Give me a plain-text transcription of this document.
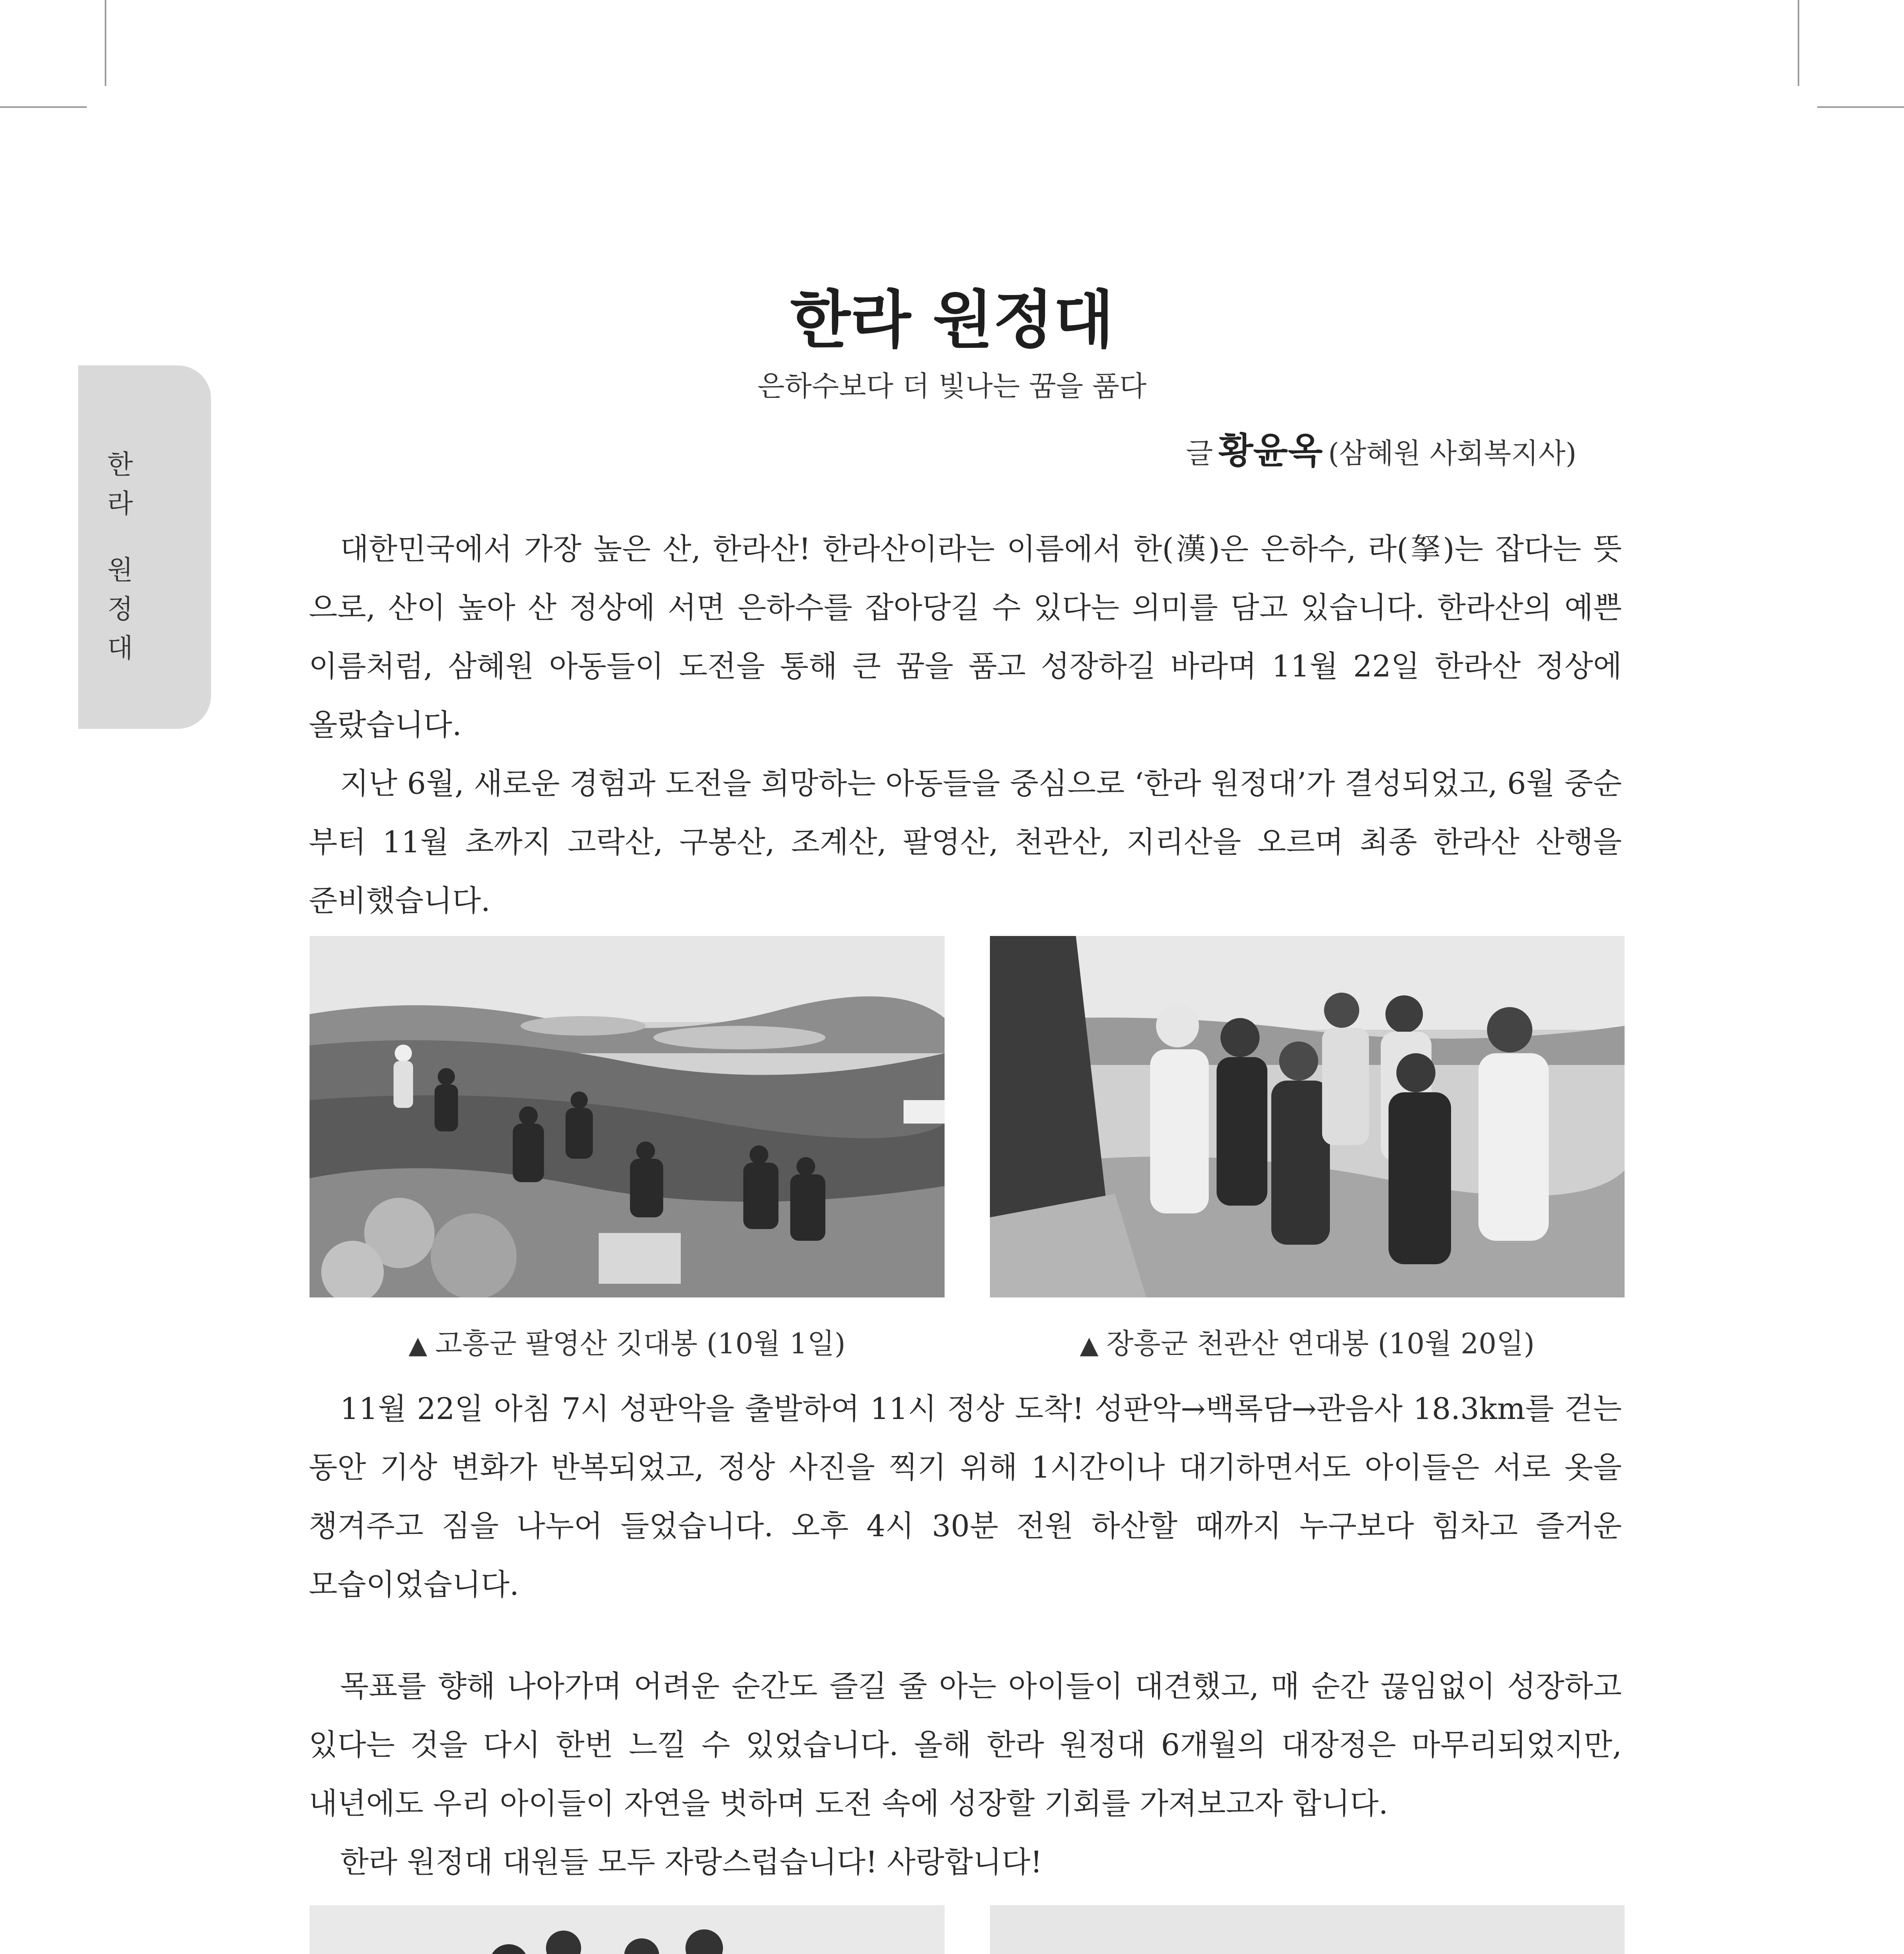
한
라
원
정
대
한라 원정대
은하수보다 더 빛나는 꿈을 품다
글 황윤옥 (삼혜원 사회복지사)
대한민국에서 가장 높은 산, 한라산! 한라산이라는 이름에서 한(漢)은 은하수, 라(拏)는 잡다는 뜻
으로, 산이 높아 산 정상에 서면 은하수를 잡아당길 수 있다는 의미를 담고 있습니다. 한라산의 예쁜
이름처럼, 삼혜원 아동들이 도전을 통해 큰 꿈을 품고 성장하길 바라며 11월 22일 한라산 정상에
올랐습니다.
지난 6월, 새로운 경험과 도전을 희망하는 아동들을 중심으로 ‘한라 원정대’가 결성되었고, 6월 중순
부터 11월 초까지 고락산, 구봉산, 조계산, 팔영산, 천관산, 지리산을 오르며 최종 한라산 산행을
준비했습니다.
▲ 고흥군 팔영산 깃대봉 (10월 1일)	▲ 장흥군 천관산 연대봉 (10월 20일)
11월 22일 아침 7시 성판악을 출발하여 11시 정상 도착! 성판악→백록담→관음사 18.3km를 걷는
동안 기상 변화가 반복되었고, 정상 사진을 찍기 위해 1시간이나 대기하면서도 아이들은 서로 옷을
챙겨주고 짐을 나누어 들었습니다. 오후 4시 30분 전원 하산할 때까지 누구보다 힘차고 즐거운
모습이었습니다.
목표를 향해 나아가며 어려운 순간도 즐길 줄 아는 아이들이 대견했고, 매 순간 끊임없이 성장하고
있다는 것을 다시 한번 느낄 수 있었습니다. 올해 한라 원정대 6개월의 대장정은 마무리되었지만,
내년에도 우리 아이들이 자연을 벗하며 도전 속에 성장할 기회를 가져보고자 합니다.
한라 원정대 대원들 모두 자랑스럽습니다! 사랑합니다!
